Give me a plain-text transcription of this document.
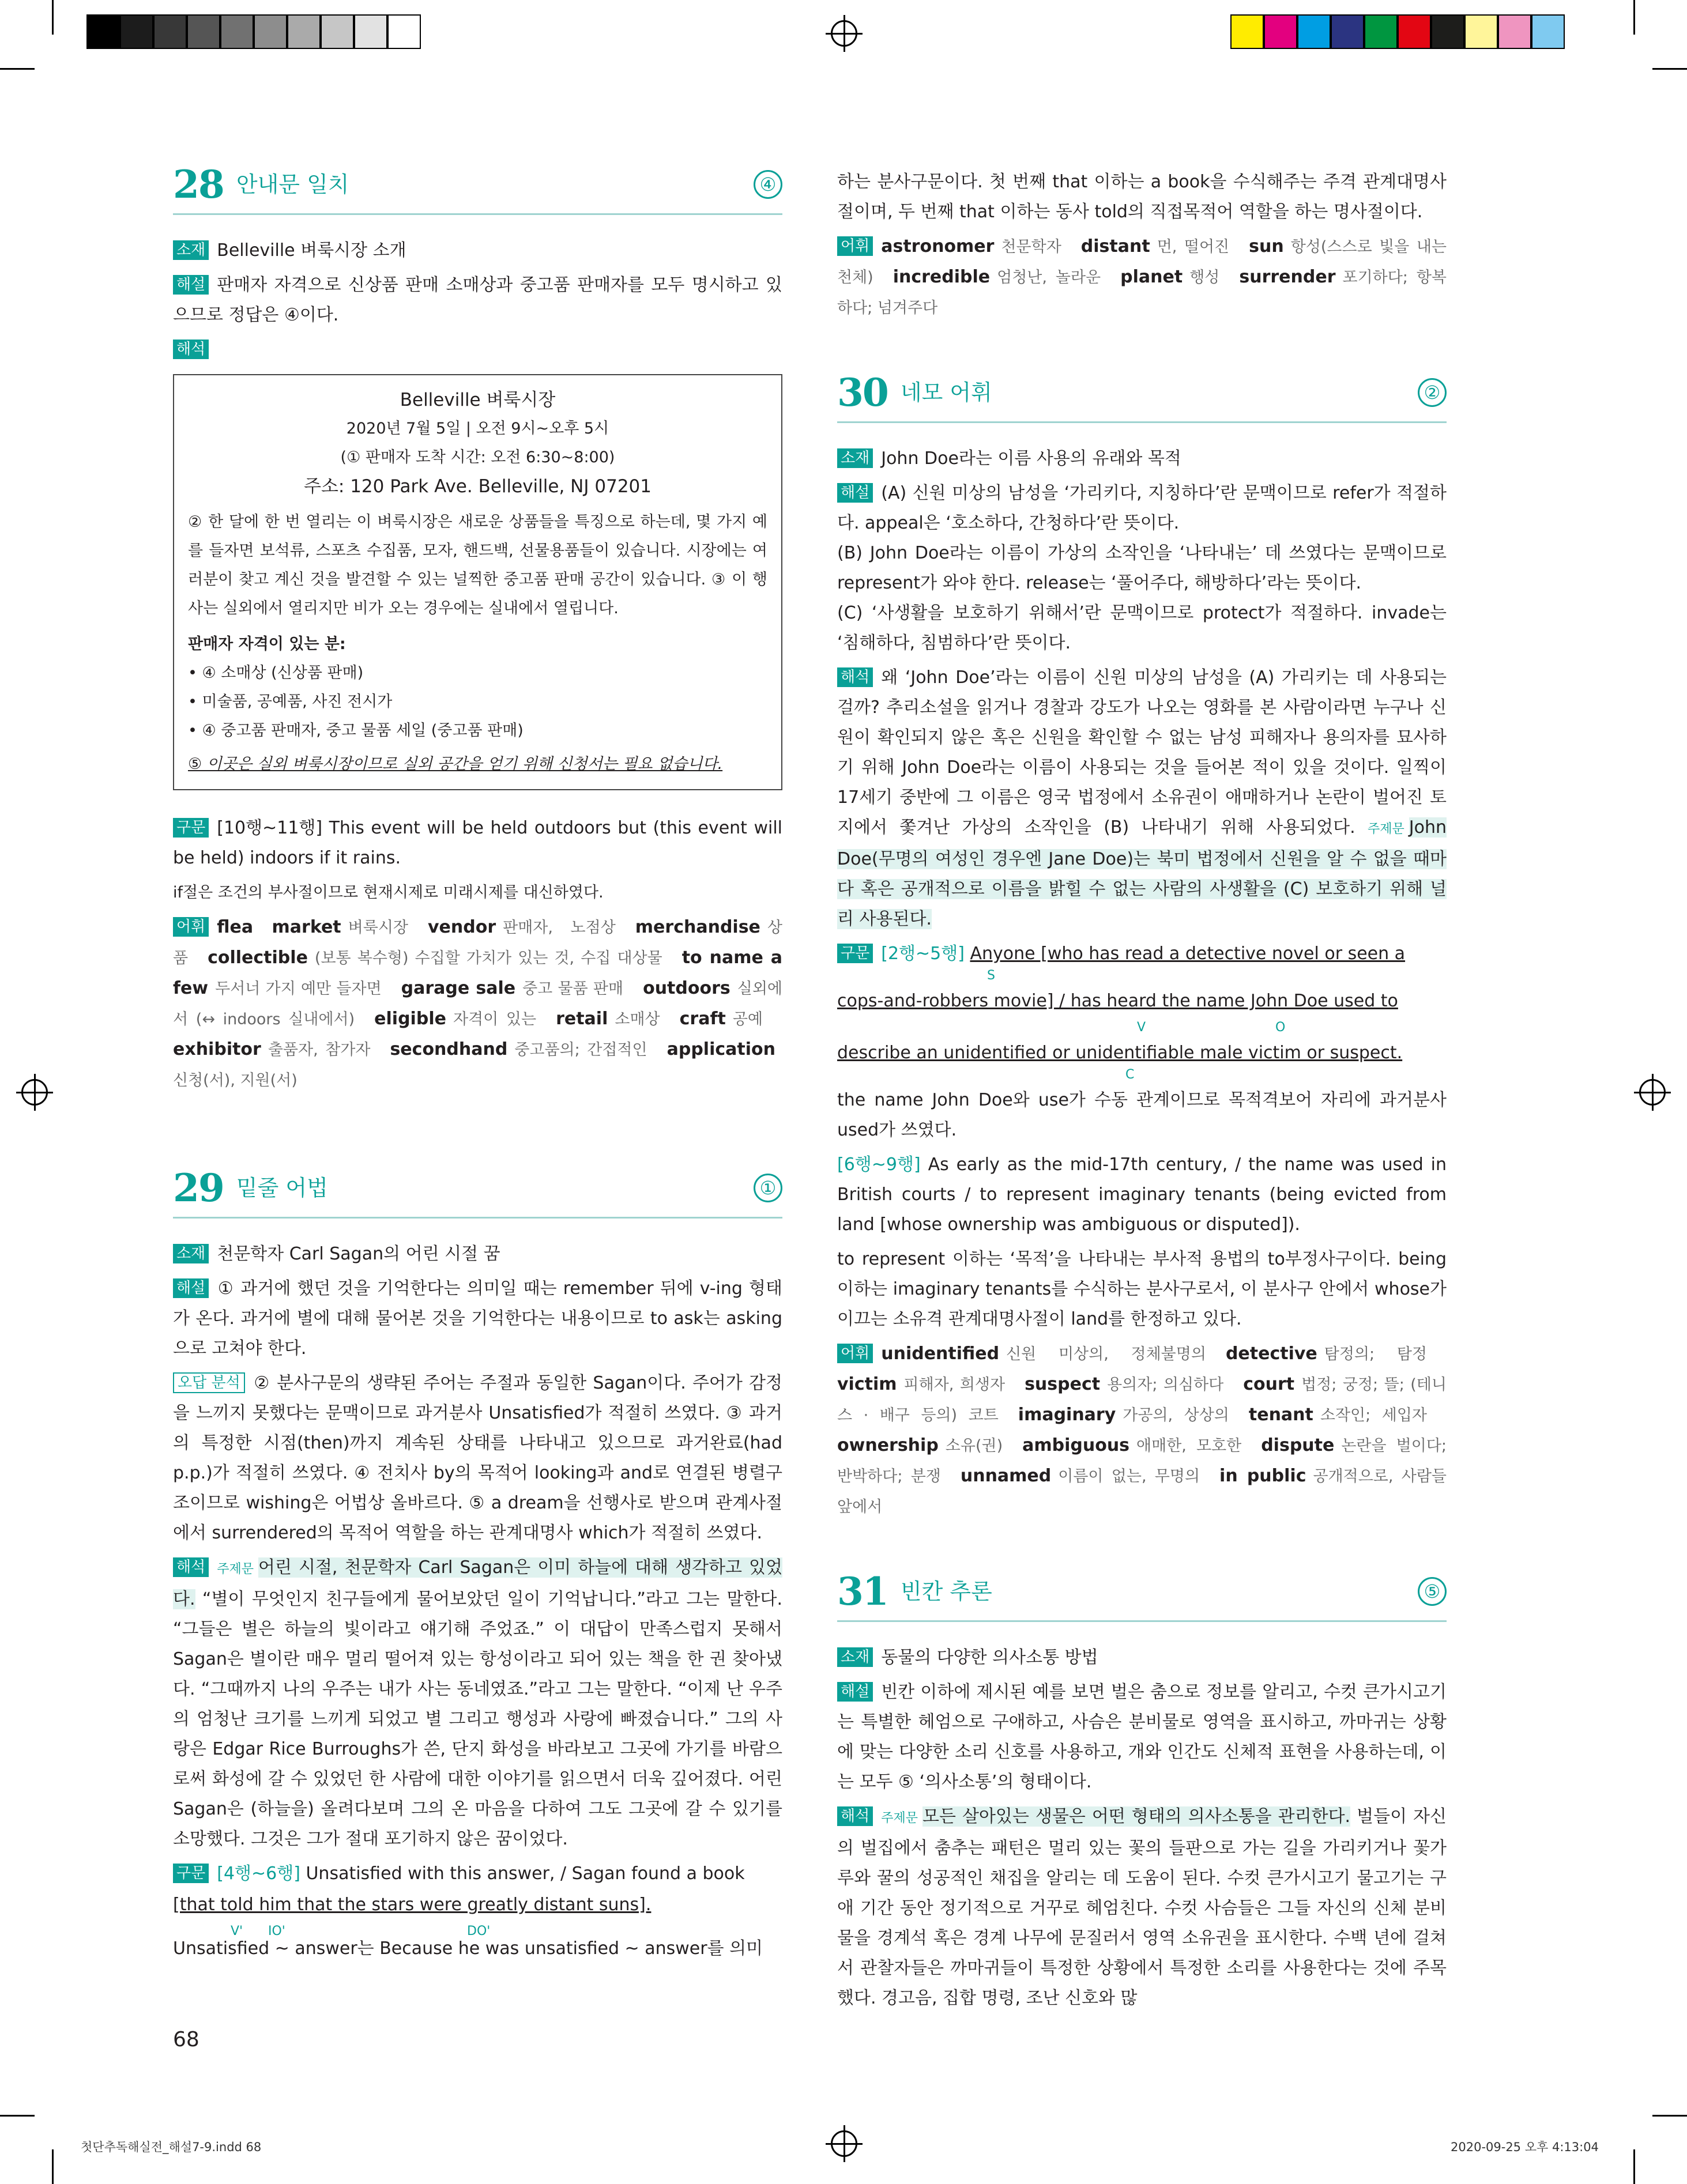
28 안내문 일치	④

소재 Belleville 벼룩시장 소개

해설 판매자 자격으로 신상품 판매 소매상과 중고품 판매자를 모두 명시하고 있으므로 정답은 ④이다.

해석

Belleville 벼룩시장
2020년 7월 5일 | 오전 9시~오후 5시
(① 판매자 도착 시간: 오전 6:30~8:00)
주소: 120 Park Ave. Belleville, NJ 07201
② 한 달에 한 번 열리는 이 벼룩시장은 새로운 상품들을 특징으로 하는데, 몇 가지 예를 들자면 보석류, 스포츠 수집품, 모자, 핸드백, 선물용품들이 있습니다. 시장에는 여러분이 찾고 계신 것을 발견할 수 있는 널찍한 중고품 판매 공간이 있습니다. ③ 이 행사는 실외에서 열리지만 비가 오는 경우에는 실내에서 열립니다.
판매자 자격이 있는 분:
• ④ 소매상 (신상품 판매)
• 미술품, 공예품, 사진 전시가
• ④ 중고품 판매자, 중고 물품 세일 (중고품 판매)
⑤ 이곳은 실외 벼룩시장이므로 실외 공간을 얻기 위해 신청서는 필요 없습니다.

구문 [10행~11행] This event will be held outdoors but (this event will be held) indoors if it rains.

if절은 조건의 부사절이므로 현재시제로 미래시제를 대신하였다.

어휘 flea market 벼룩시장 vendor 판매자, 노점상 merchandise 상품 collectible (보통 복수형) 수집할 가치가 있는 것, 수집 대상물 to name a few 두서너 가지 예만 들자면 garage sale 중고 물품 판매 outdoors 실외에서 (↔ indoors 실내에서) eligible 자격이 있는 retail 소매상 craft 공예exhibitor 출품자, 참가자 secondhand 중고품의; 간접적인 application신청(서), 지원(서)

29 밑줄 어법	①

소재 천문학자 Carl Sagan의 어린 시절 꿈

해설 ① 과거에 했던 것을 기억한다는 의미일 때는 remember 뒤에 v-ing 형태가 온다. 과거에 별에 대해 물어본 것을 기억한다는 내용이므로 to ask는 asking으로 고쳐야 한다.

오답 분석 ② 분사구문의 생략된 주어는 주절과 동일한 Sagan이다. 주어가 감정을 느끼지 못했다는 문맥이므로 과거분사 Unsatisfied가 적절히 쓰였다. ③ 과거의 특정한 시점(then)까지 계속된 상태를 나타내고 있으므로 과거완료(had p.p.)가 적절히 쓰였다. ④ 전치사 by의 목적어 looking과 and로 연결된 병렬구조이므로 wishing은 어법상 올바르다. ⑤ a dream을 선행사로 받으며 관계사절에서 surrendered의 목적어 역할을 하는 관계대명사 which가 적절히 쓰였다.

해석 주제문 어린 시절, 천문학자 Carl Sagan은 이미 하늘에 대해 생각하고 있었다. “별이 무엇인지 친구들에게 물어보았던 일이 기억납니다.”라고 그는 말한다. “그들은 별은 하늘의 빛이라고 얘기해 주었죠.” 이 대답이 만족스럽지 못해서 Sagan은 별이란 매우 멀리 떨어져 있는 항성이라고 되어 있는 책을 한 권 찾아냈다. “그때까지 나의 우주는 내가 사는 동네였죠.”라고 그는 말한다. “이제 난 우주의 엄청난 크기를 느끼게 되었고 별 그리고 행성과 사랑에 빠졌습니다.” 그의 사랑은 Edgar Rice Burroughs가 쓴, 단지 화성을 바라보고 그곳에 가기를 바람으로써 화성에 갈 수 있었던 한 사람에 대한 이야기를 읽으면서 더욱 깊어졌다. 어린 Sagan은 (하늘을) 올려다보며 그의 온 마음을 다하여 그도 그곳에 갈 수 있기를 소망했다. 그것은 그가 절대 포기하지 않은 꿈이었다.

구문 [4행~6행] Unsatisfied with this answer, / Sagan found a book

[that told him that the stars were greatly distant suns].

V' IO'	DO'

Unsatisfied ~ answer는 Because he was unsatisfied ~ answer를 의미

68

하는 분사구문이다. 첫 번째 that 이하는 a book을 수식해주는 주격 관계대명사절이며, 두 번째 that 이하는 동사 told의 직접목적어 역할을 하는 명사절이다.

어휘 astronomer 천문학자 distant 먼, 떨어진 sun 항성(스스로 빛을 내는 천체) incredible 엄청난, 놀라운 planet 행성 surrender 포기하다; 항복하다; 넘겨주다

30 네모 어휘	②

소재 John Doe라는 이름 사용의 유래와 목적

해설 (A) 신원 미상의 남성을 ‘가리키다, 지칭하다’란 문맥이므로 refer가 적절하다. appeal은 ‘호소하다, 간청하다’란 뜻이다.

(B) John Doe라는 이름이 가상의 소작인을 ‘나타내는’ 데 쓰였다는 문맥이므로 represent가 와야 한다. release는 ‘풀어주다, 해방하다’라는 뜻이다.

(C) ‘사생활을 보호하기 위해서’란 문맥이므로 protect가 적절하다. invade는 ‘침해하다, 침범하다’란 뜻이다.

해석 왜 ‘John Doe’라는 이름이 신원 미상의 남성을 (A) 가리키는 데 사용되는 걸까? 추리소설을 읽거나 경찰과 강도가 나오는 영화를 본 사람이라면 누구나 신원이 확인되지 않은 혹은 신원을 확인할 수 없는 남성 피해자나 용의자를 묘사하기 위해 John Doe라는 이름이 사용되는 것을 들어본 적이 있을 것이다. 일찍이 17세기 중반에 그 이름은 영국 법정에서 소유권이 애매하거나 논란이 벌어진 토지에서 쫓겨난 가상의 소작인을 (B) 나타내기 위해 사용되었다. 주제문 John Doe(무명의 여성인 경우엔 Jane Doe)는 북미 법정에서 신원을 알 수 없을 때마다 혹은 공개적으로 이름을 밝힐 수 없는 사람의 사생활을 (C) 보호하기 위해 널리 사용된다.

구문 [2행~5행] Anyone [who has read a detective novel or seen a

S

cops-and-robbers movie] / has heard the name John Doe used to

V	O

describe an unidentified or unidentifiable male victim or suspect.

C

the name John Doe와 use가 수동 관계이므로 목적격보어 자리에 과거분사 used가 쓰였다.

[6행~9행] As early as the mid-17th century, / the name was used in British courts / to represent imaginary tenants (being evicted from land [whose ownership was ambiguous or disputed]).

to represent 이하는 ‘목적’을 나타내는 부사적 용법의 to부정사구이다. being 이하는 imaginary tenants를 수식하는 분사구로서, 이 분사구 안에서 whose가 이끄는 소유격 관계대명사절이 land를 한정하고 있다.

어휘 unidentified 신원 미상의, 정체불명의 detective 탐정의; 탐정victim 피해자, 희생자 suspect 용의자; 의심하다 court 법정; 궁정; 뜰; (테니스 · 배구 등의) 코트 imaginary 가공의, 상상의 tenant 소작인; 세입자ownership 소유(권) ambiguous 애매한, 모호한 dispute 논란을 벌이다; 반박하다; 분쟁 unnamed 이름이 없는, 무명의 in public 공개적으로, 사람들 앞에서

31 빈칸 추론	⑤

소재 동물의 다양한 의사소통 방법

해설 빈칸 이하에 제시된 예를 보면 벌은 춤으로 정보를 알리고, 수컷 큰가시고기는 특별한 헤엄으로 구애하고, 사슴은 분비물로 영역을 표시하고, 까마귀는 상황에 맞는 다양한 소리 신호를 사용하고, 개와 인간도 신체적 표현을 사용하는데, 이는 모두 ⑤ ‘의사소통’의 형태이다.

해석 주제문 모든 살아있는 생물은 어떤 형태의 의사소통을 관리한다. 벌들이 자신의 벌집에서 춤추는 패턴은 멀리 있는 꽃의 들판으로 가는 길을 가리키거나 꽃가루와 꿀의 성공적인 채집을 알리는 데 도움이 된다. 수컷 큰가시고기 물고기는 구애 기간 동안 정기적으로 거꾸로 헤엄친다. 수컷 사슴들은 그들 자신의 신체 분비물을 경계석 혹은 경계 나무에 문질러서 영역 소유권을 표시한다. 수백 년에 걸쳐서 관찰자들은 까마귀들이 특정한 상황에서 특정한 소리를 사용한다는 것에 주목했다. 경고음, 집합 명령, 조난 신호와 많

첫단추독해실전_해설7-9.indd 68	2020-09-25 오후 4:13:04
